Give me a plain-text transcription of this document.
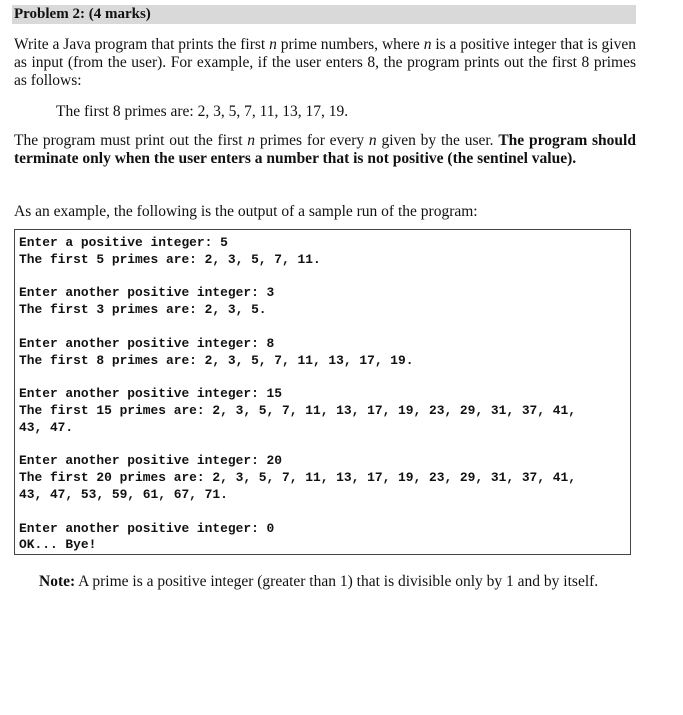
Problem 2: (4 marks)

Write a Java program that prints the first n prime numbers, where n is a positive integer that is given as input (from the user). For example, if the user enters 8, the program prints out the first 8 primes as follows:

The first 8 primes are: 2, 3, 5, 7, 11, 13, 17, 19.

The program must print out the first n primes for every n given by the user. The program should terminate only when the user enters a number that is not positive (the sentinel value).

As an example, the following is the output of a sample run of the program:
Enter a positive integer: 5
The first 5 primes are: 2, 3, 5, 7, 11.
Enter another positive integer: 3
The first 3 primes are: 2, 3, 5.
Enter another positive integer: 8
The first 8 primes are: 2, 3, 5, 7, 11, 13, 17, 19.
Enter another positive integer: 15
The first 15 primes are: 2, 3, 5, 7, 11, 13, 17, 19, 23, 29, 31, 37, 41,
43, 47.
Enter another positive integer: 20
The first 20 primes are: 2, 3, 5, 7, 11, 13, 17, 19, 23, 29, 31, 37, 41,
43, 47, 53, 59, 61, 67, 71.
Enter another positive integer: 0
OK... Bye!
Note: A prime is a positive integer (greater than 1) that is divisible only by 1 and by itself.
